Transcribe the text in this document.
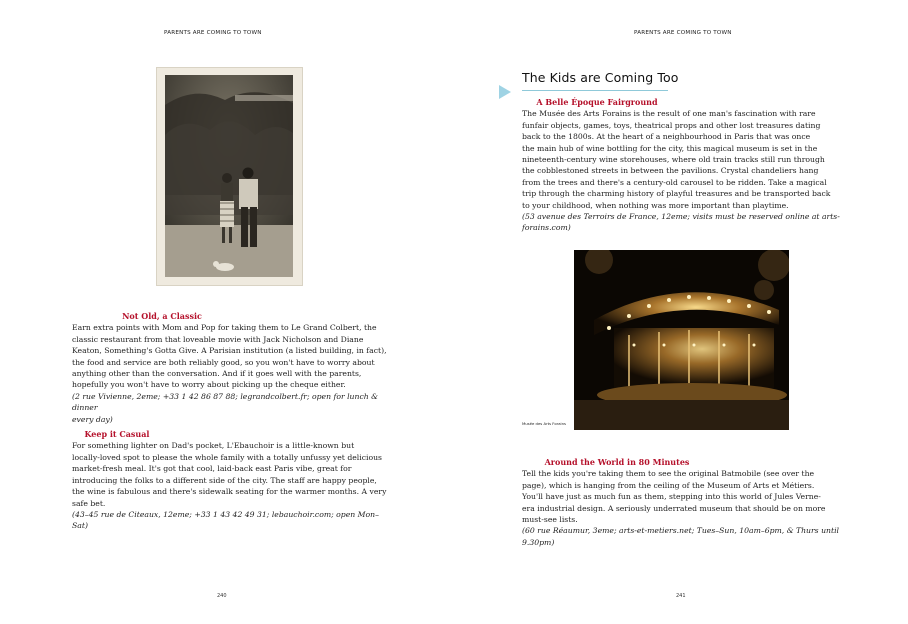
PARENTS ARE COMING TO TOWN
Not Old, a Classic

Earn extra points with Mom and Pop for taking them to Le Grand Colbert, the

classic restaurant from that loveable movie with Jack Nicholson and Diane

Keaton, Something's Gotta Give. A Parisian institution (a listed building, in fact),

the food and service are both reliably good, so you won't have to worry about

anything other than the conversation. And if it goes well with the parents,

hopefully you won't have to worry about picking up the cheque either.

(2 rue Vivienne, 2eme; +33 1 42 86 87 88; legrandcolbert.fr; open for lunch & dinner

every day)

Keep it Casual

For something lighter on Dad's pocket, L'Ebauchoir is a little-known but

locally-loved spot to please the whole family with a totally unfussy yet delicious

market-fresh meal. It's got that cool, laid-back east Paris vibe, great for

introducing the folks to a different side of the city. The staff are happy people,

the wine is fabulous and there's sidewalk seating for the warmer months. A very

safe bet.

(43–45 rue de Citeaux, 12eme; +33 1 43 42 49 31; lebauchoir.com; open Mon–Sat)

240
PARENTS ARE COMING TO TOWN
The Kids are Coming Too
A Belle Époque Fairground

The Musée des Arts Forains is the result of one man's fascination with rare

funfair objects, games, toys, theatrical props and other lost treasures dating

back to the 1800s. At the heart of a neighbourhood in Paris that was once

the main hub of wine bottling for the city, this magical museum is set in the

nineteenth-century wine storehouses, where old train tracks still run through

the cobblestoned streets in between the pavilions. Crystal chandeliers hang

from the trees and there's a century-old carousel to be ridden. Take a magical

trip through the charming history of playful treasures and be transported back

to your childhood, when nothing was more important than playtime.

(53 avenue des Terroirs de France, 12eme; visits must be reserved online at arts-

forains.com)

Musée des Arts Forains
Around the World in 80 Minutes

Tell the kids you're taking them to see the original Batmobile (see over the

page), which is hanging from the ceiling of the Museum of Arts et Métiers.

You'll have just as much fun as them, stepping into this world of Jules Verne-

era industrial design. A seriously underrated museum that should be on more

must-see lists.

(60 rue Réaumur, 3eme; arts-et-metiers.net; Tues–Sun, 10am–6pm, & Thurs until

9.30pm)

241
